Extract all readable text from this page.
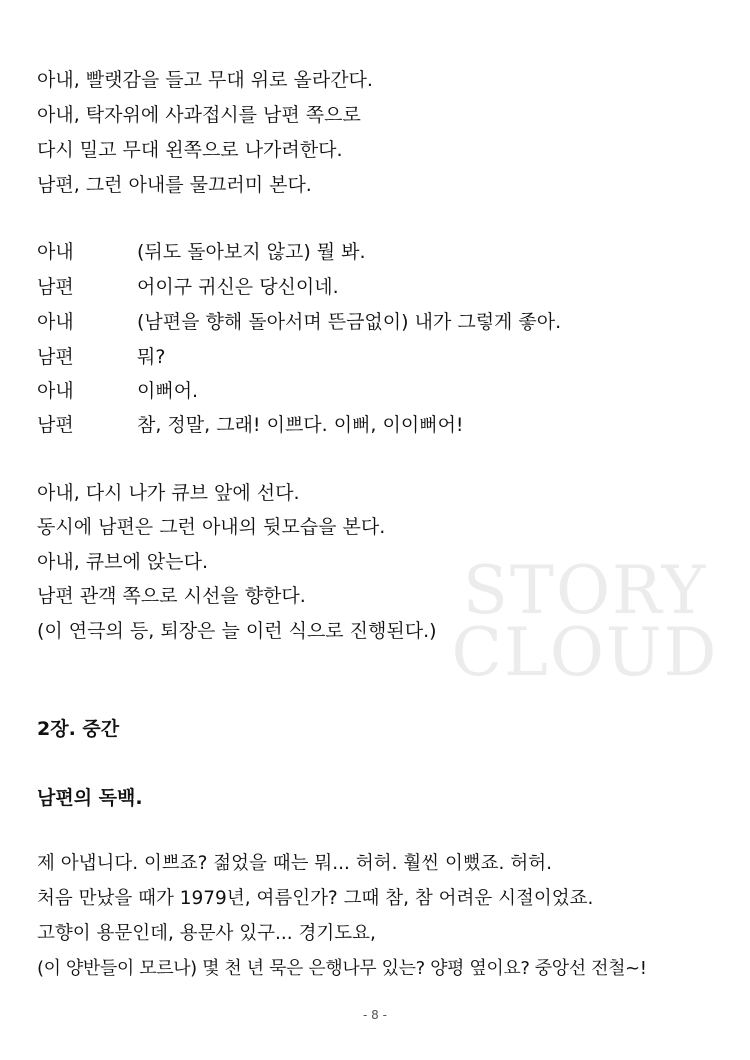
아내, 빨랫감을 들고 무대 위로 올라간다.
아내, 탁자위에 사과접시를 남편 쪽으로
다시 밀고 무대 왼쪽으로 나가려한다.
남편, 그런 아내를 물끄러미 본다.
아내	(뒤도 돌아보지 않고) 뭘 봐.
남편	어이구 귀신은 당신이네.
아내	(남편을 향해 돌아서며 뜬금없이) 내가 그렇게 좋아.
남편	뭐?
아내	이뻐어.
남편	참, 정말, 그래! 이쁘다. 이뻐, 이이뻐어!
아내, 다시 나가 큐브 앞에 선다.
동시에 남편은 그런 아내의 뒷모습을 본다.
아내, 큐브에 앉는다.
남편 관객 쪽으로 시선을 향한다.
(이 연극의 등, 퇴장은 늘 이런 식으로 진행된다.)
STORY
CLOUD
2장. 중간
남편의 독백.
제 아냅니다. 이쁘죠? 젊었을 때는 뭐... 허허. 훨씬 이뻤죠. 허허.
처음 만났을 때가 1979년, 여름인가? 그때 참, 참 어려운 시절이었죠.
고향이 용문인데, 용문사 있구... 경기도요,
(이 양반들이 모르나) 몇 천 년 묵은 은행나무 있는? 양평 옆이요? 중앙선 전철~!
- 8 -
